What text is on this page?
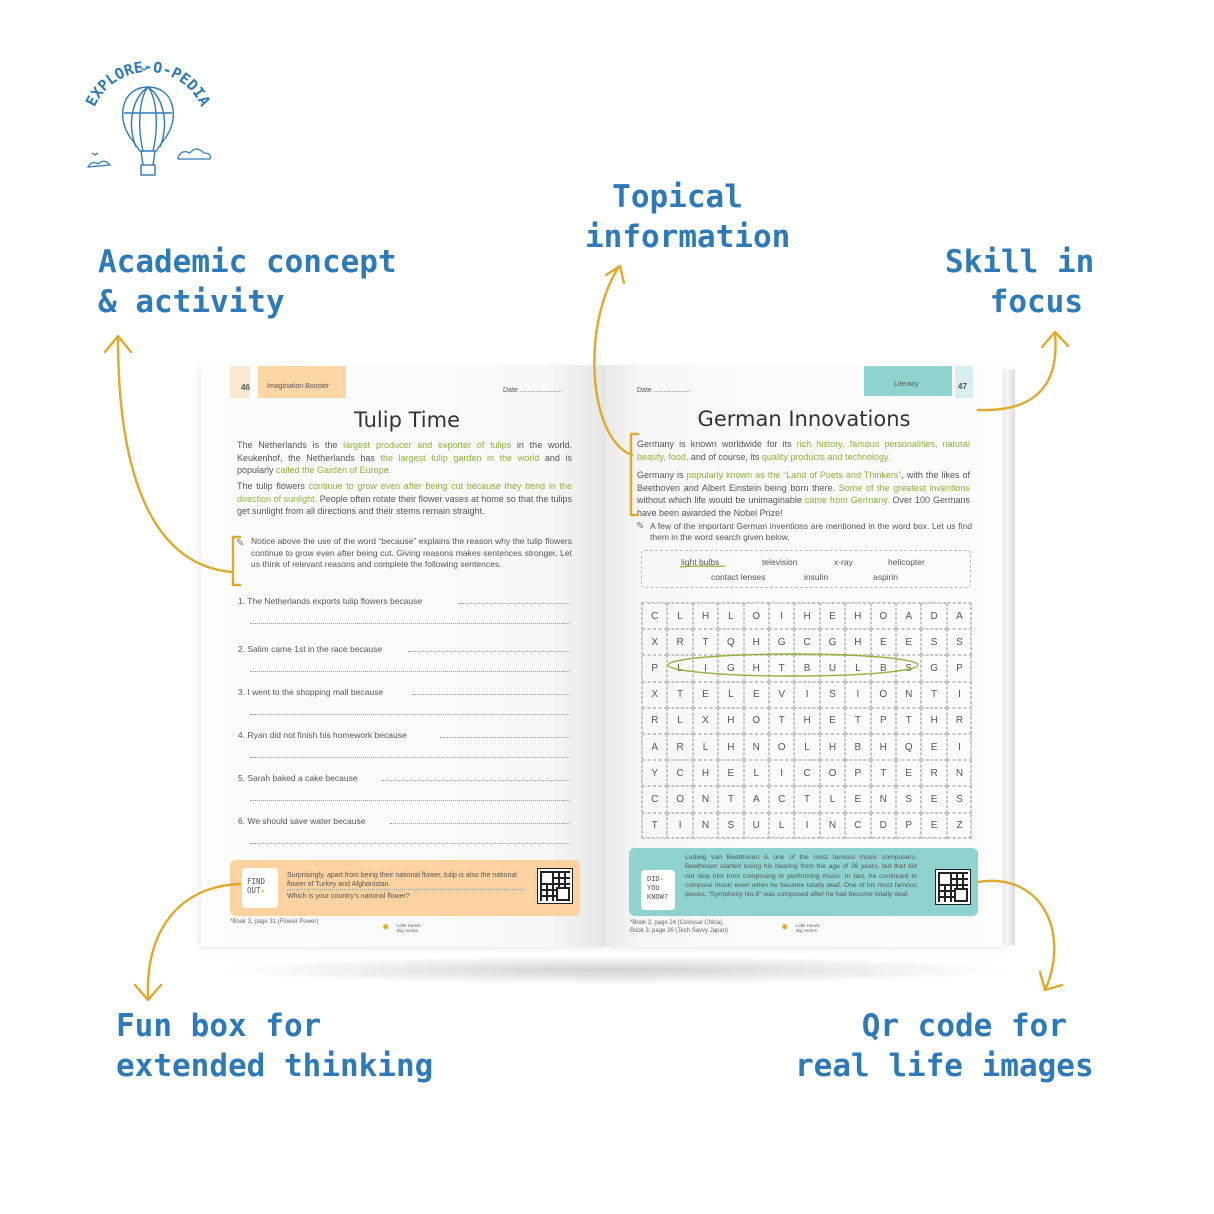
EXPLORE-O-PEDIA
Academic concept
& activity
Topical
information
Skill in
focus
Fun box for
extended thinking
Qr code for
real life images
46 Imagination Booster
Date ......................
Tulip Time
The Netherlands is the largest producer and exporter of tulips in the world. Keukenhof, the Netherlands has the largest tulip garden in the world and is popularly called the Garden of Europe.
The tulip flowers continue to grow even after being cut because they bend in the direction of sunlight. People often rotate their flower vases at home so that the tulips get sunlight from all directions and their stems remain straight.
✎ Notice above the use of the word “because” explains the reason why the tulip flowers continue to grow even after being cut. Giving reasons makes sentences stronger. Let us think of relevant reasons and complete the following sentences.
1. The Netherlands exports tulip flowers because
2. Salim came 1st in the race because
3. I went to the shopping mall because
4. Ryan did not finish his homework because
5. Sarah baked a cake because
6. We should save water because
FIND
OUT✦
Surprisingly, apart from being their national flower, tulip is also the national flower of Turkey and Afghanistan.
Which is your country’s national flower?
*Book 3, page 31 (Flower Power)	✹ Little Hands
Big Hearts
Date ...................
Literacy	47
German Innovations
Germany is known worldwide for its rich history, famous personalities, natural beauty, food, and of course, its quality products and technology.
Germany is popularly known as the “Land of Poets and Thinkers”, with the likes of Beethoven and Albert Einstein being born there. Some of the greatest inventions without which life would be unimaginable came from Germany. Over 100 Germans have been awarded the Nobel Prize!
✎ A few of the important German inventions are mentioned in the word box. Let us find them in the word search given below.
light bulbs	television	x-ray	helicopter
contact lenses	insulin	aspirin
C	L	H	L	O	I	H	E	H	O	A	D	A
X	R	T	Q	H	G	C	G	H	E	E	S	S
P	L	I	G	H	T	B	U	L	B	S	G	P
X	T	E	L	E	V	I	S	I	O	N	T	I
R	L	X	H	O	T	H	E	T	P	T	H	R
A	R	L	H	N	O	L	H	B	H	Q	E	I
Y	C	H	E	L	I	C	O	P	T	E	R	N
C	O	N	T	A	C	T	L	E	N	S	E	S
T	I	N	S	U	L	I	N	C	D	P	E	Z
DID✦
YOU
KNOW?
Ludwig van Beethoven is one of the most famous music composers. Beethoven started losing his hearing from the age of 26 years, but that did not stop him from composing or performing music. In fact, he continued to compose music even when he became totally deaf. One of his most famous pieces, “Symphony No.9” was composed after he had become totally deaf.
*Book 3, page 24 (Colossal China),
Book 3, page 26 (Tech Savvy Japan)	✹ Little Hands
Big Hearts
